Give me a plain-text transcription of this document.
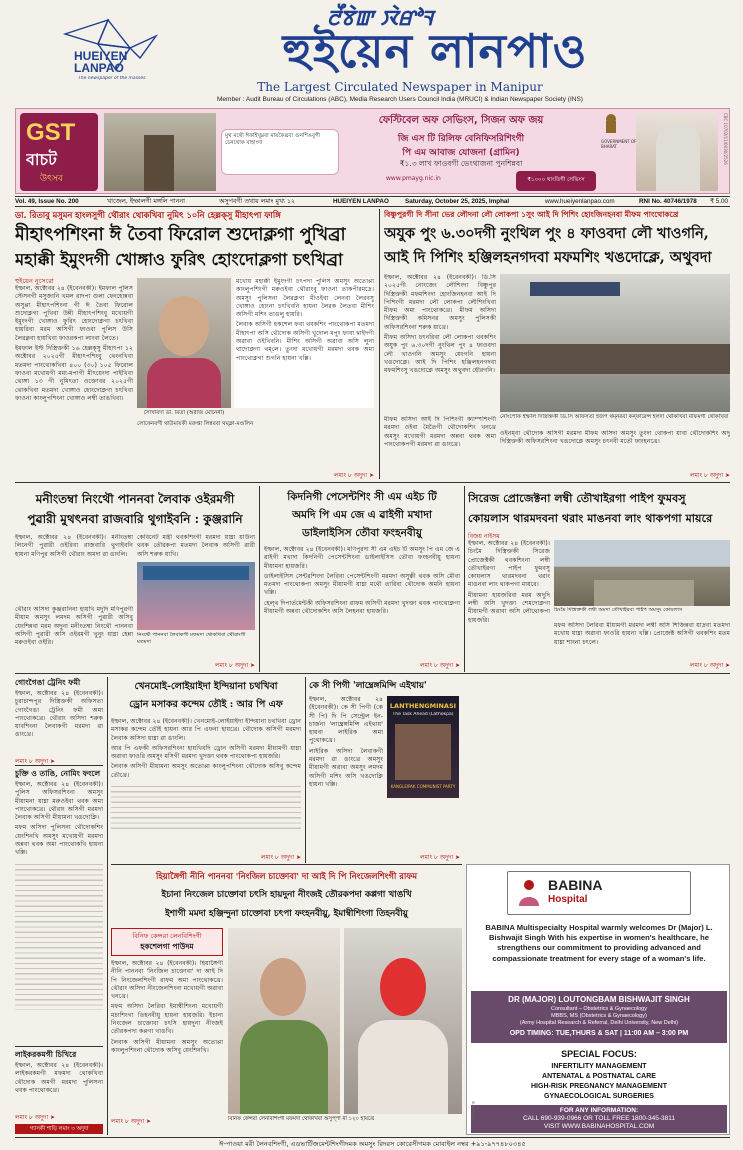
ꯂꯩꯕꯥꯛ ꯋꯥꯔꯣꯜ
HUEIYEN LANPAO
The newspaper of the masses
হুইয়েন লানপাও
The Largest Circulated Newspaper in Manipur
Member : Audit Bureau of Circulations (ABC), Media Research Users Council India (MRUCI) & Indian Newspaper Society (INS)
GST
বাচট
উৎসব
মুথ মথৌ ঈকাইখুম্নবা মায়কৈথ্রবা গুনশিঙবুগী চেনথোক বাহাংদা
ফেস্টিবেল অফ সেভিংস, সিজন অফ জয়
জি এস টি রিলিফ বেনিফিসরিশিংগী
পি এম আবাজ যোজনা (গ্রামিন)
₹১.৩ লাখ ফাওবগী ভেংথাজনা পুনশিন্নবা
₹১০০০ থাংতিগী সেভিংস
www.pmayg.nic.in
GOVERNMENT OF BHARAT	CBC 10702/11/0030/2526
Vol. 49, Issue No. 200	খাজেল, ইম্ফালগী মঙ্গলি পাননা	অসুপবগী তথায় লমাং মুখ্য ১২	HUEIYEN LANPAO	Saturday, October 25, 2025, Imphal	www.hueiyenlanpao.com	RNI No. 40746/1978	₹ 5.00
ডা. রিতাবু মসুমন হাংলসুগী থৌরাং থোকখিবা নুমিৎ ১০নি হেল্লক্‌সু মীহাৎপা ফাঙ্গি
মীহাৎপশিংনা ঈ তৈবা ফিরোল শুদোক্লগা পুখিব্রা
মহাক্কী ইমুংদগী খোঙ্গাও ফুরিৎ হোংদোক্লগা চৎখিব্রা
হুইয়েন নুসেরো

ইম্ফাল, অক্টোবর ২৪ (ইবেনবকী)। ইমফাল পুলিস স্টেসনগী মসুজানি খমল রাদপা গুলা ফেংহোন্নবা অসুপ্পা মীহাৎপশিংনা গী ঈ তৈবা ফিরোল শুদোক্লগা পুখিবা উন্নী মীহাৎপশিংবু মখোয়গী ইমুংদগী খোঙ্গাও ফুরিৎ হোংদোক্লগা চৎখিবা হায়রিবা মরম অসিগী ফাওবা পুলিস উসি লৈরক্নবা হায়খিবা ফাওরকপা লাংবা লৈতে।

ইমফাল ইস্ট দিস্ত্রিক্তকী ১৬ হেল্লক্‌সু মীহাৎপা ১২ অক্টোবর ২০২৫গী মীহাৎপশিংবু থেংনখিবা মতমদা পাংথোকখিবা ৪০০ (৩০) ১০৫ ফিরোল ফাওবা মখোয়গী মমা-মপাগী মীৎয়েংদা পাইখিবা থোঙ্গা ১৩ গী নুমিৎতা ওক্তোবর ২০২৫গী থোকখিবা মতমদা খোঙ্গাও হোংদোক্লগা চৎখিবা ফাওনা কাংলুপশিংনা খোঙ্গাও লম্বী তাঙখিবা।

সৈখিবিদা ডা. রিতা (অরীজ মোনেনী)

মখোয় মহাক্কী ইমুংদগী চৎপদা পুলিস অমসুং অতোপ্পা কাংলুপশিংগী মরুওইবা থৌরাংবু ফাওনা তাকপীরমদ্রে। অমসুং পুলিসনা লৈরক্লগা মীওইবা লেনবা লৈরবসু খোঙ্গাও হোংনা চৎখিবনি হায়না লৈরক লৈতবা মীশিং অসিগী মশিং তাঙলু হায়রি।

লৈবাক অসিগী হকশেল ফবা থবকশিং পাংথোকপা মতমদা মীহাৎপা অসি থৌদোক অসিগী খুদোল মপুং ফাবা খ্বাইদগী অৱাবা ওইখিবনি। মীশিং অসিগী অৱাবা অসি লুনা থাদোক্লগা থম্‌লে। তুংদা মখোয়গী মরমদা থবক অমা পাংথোক্লগা শুগনি হায়না খল্লি।

লোকেনবগী থাউমায়কী মরুপ্তা লিন্নরবা থম্‌ক্লা-মণ্ডলিন

লমাং ৮ অদুদা ➤
বিষ্ণুপুরগী দি সীনা ভের লৌদনা লৌ লোকপা ১সুং আই দি পিশিং হোংজিনহনবা মীফম পাংথোকখ্রে
অযুক পুং ৬.৩০দগী নুংথিল পুং ৪ ফাওবদা লৌ খাওগনি,
আই দি পিশিং হঞ্জিলহনগদবা মফমশিং খঙদোক্লে, অথুবদা

ইম্ফাল, অক্টোবর ২৪ (ইবেনবকী)। ডি.সি ২০২৫গী নোংজেং লৌশিংদা বিষ্ণুপুর দিস্ত্রিক্তকী মফমশিংদা হোংজিনহনবা আই দি পিশিংগী মরমদা লৌ লোকপা লৌশিংখিবা মীফম অমা পাংথোকখ্রে। মীফম অসিদা দিস্ত্রিক্তকী কমিসনর অমসুং পুলিসকী অফিসরশিংনা শরুক য়াখ্রে।

মীফম অসিদা চৎনরিবা লৌ লোকপা থবকশিং অযুক পুং ৬.৩০দগী নুংথিল পুং ৪ ফাওবদা লৌ খাওগনি অমসুং য়েংগনি হায়না খঙদোক্লে। আই দি পিশিং হঞ্জিলহনগদবা মফমশিংসু খঙদোক্লে অমসুং অথুবদা হৌরগনি।

নোংপোক ইম্ফাল দিস্ত্রিক্তকী ডি.সি অফিসতা হজপ থম্‌নরবা কন্ফারেন্স হলদা থোকখিবা মীফমগী থোকখিবা

মীফম অসিদা আই দি পিশিংগী ক্যাম্পশিংগী মরমদা ওইবা মৈতৈগী থৌদোকশিং খনখ্রে অমসুং মখোয়গী মরমদা অন্নবা থবক অমা পাংথোকপগী মরমদা ৱা ঙাংখ্রে।

ওইনম্‌বা থৌদোক অসিগী মরমদা মীফম অসিদা অমসুং তুংদা থোকপা য়াবা থৌদোকশিং অদু দিস্ত্রিক্তকী অফিসরশিংনা খঙদোক্লে অমসুং চৎনবী মতৌ ফাংহনখ্রে।

লমাং ৮ অদুদা ➤
মনীংতম্বা নিংথৌ পাননবা লৈবাক ওইরমগী
পুৱারী মুথৎনবা রাজবারি থুগাইবনি : কুঞ্জরানি

ইম্ফাল, অক্টোবর ২৪ (ইবেনবকী)। মনীংতম্বা লিনেগী পুৱারী ওইরিবা রাজবারি থুগাইবনি হায়না মণিপুর অসিগী থৌরাং অমদা ৱা ঙাংলি।

কেবিনেট মন্ত্রী থবকশিংগী মরমদা য়াম্না য়াউনা থবক তৌরকপা মতমদা লৈবাক অসিগী ৱারী অসি শরুক য়াখি।

নিংথৌ পাননবা লৈবাকগী মফমদা থোকখিবা থৌরাংগী মতমদা

থৌরাং অসিদা কুঞ্জরানিনা হায়খি মদুদি মণিপুরগী মীয়াম অমসুং লমদম অসিগী পুৱারী অসিবু যেংশিন্নবা মরম অদুনা মনীংতম্বা নিংথৌ পাননবা অসিগী পুৱারী অসি ওইরমগী খুনুং য়াম্না হেন্না মরুওইবা ওইরি।

লমাং ৮ অদুদা ➤
কিদনিগী পেসেন্টশিং সী এম এইচ টি
অমদি পি এম জে এ ৱাইগী মখাদা
ডাইলাইসিস তৌবা ফংহনবীয়ু

ইম্ফাল, অক্টোবর ২৪ (ইবেনবকী)। মণিপুরদা সী এম এইচ টি অমসুং পি এম জে এ ৱাইগী মখাদা কিদনিগী পেসেন্টশিংনা ডাইলাইসিস তৌবা ফংহনবীয়ু হায়না মীয়ামনা হায়জরি।

ডাইলাইসিস সেন্টরশিংদা লৈরিবা পেসেন্টশিংগী মরমদা অসুক্কী থবক অসি মৌবা মতমদা পাংথোকপা অমসুং মীয়ামগী য়াম্না মথৌ তারিবা থৌদোক অমনি হায়না খল্লি।

হেল্থ দিপার্তমেন্টকী অফিসরশিংনা ৱাফম অসিগী মরমদা খুদক্তা থবক পাংথোক্লগা মীয়ামগী অন্নবা থৌদোকশিং অসি লৈহনবা হায়জরি।

লমাং ৮ অদুদা ➤
সিরেজ প্রোজেক্টনা লম্বী তৌখাইরগা পাইপ ফুমবসু
কোয়লাস থারমদবনা থরাং মাঙনবা লাং থাকপগা মায়রে
বিজয় নাইসম

ইম্ফাল, অক্টোবর ২৪ (ইবেনবকী)। চিংমৈ দিস্ত্রিক্তকী সিরেজ প্রোজেক্টকী থবকশিংনা লম্বী তৌখাইরগা পাইপ ফুমবসু কোয়লাস থারমদবনা থরাং মাঙনবা লাং থাকপগা মায়রে।

মীয়ামনা হায়জরিবা মরম অদুদি লম্বী অসি খুদক্তা শেমদোক্লগা মীয়ামগী অৱাবা অসি লৌথোকপা হায়জরি।

চিংমৈ দিস্ত্রিক্তকী লম্বী অমদা তৌখাইরবা পাইপ অমসুং কোয়লাস

মফম অসিদা লৈরিবা মীয়ামগী মরমদা লম্বী অসি শিজিন্নবা য়াদ্রবা মতমদা মখোয় য়াম্না অৱাবা ফাওরি হায়না খল্লি। প্রোজেক্ট অসিগী থবকশিং মতম য়াম্না শাংনা চৎলে।

লমাং ৮ অদুদা ➤
গোংগৈঙা ট্রেনিং ফমী

ইম্ফাল, অক্টোবর ২৪ (ইবেনবকী)। চুরাচান্দপুর দিস্ত্রিক্তকী অফিসতা গোংগৈঙা ট্রেনিং ফমী অমা পাংথোকখ্রে। থৌরাং অসিদা শরুক য়াবশিংনা লৈবাকগী মরমদা ৱা ঙাংখ্রে।

লমাং ৮ অদুদা ➤
চুক্তি ও তাঙি, নোমিং ফংলে

ইম্ফাল, অক্টোবর ২৪ (ইবেনবকী)। পুলিস অফিসরশিংনা অমসুং মীয়ামনা য়াম্না মরুওইবা থবক অমা পাংথোকখ্রে। থৌরাং অসিগী মরমদা লৈবাক অসিগী মীয়ামনা খঙদোক্লি।

মফম অসিদা পুলিসনা থৌদোকশিং য়েংশিনখি অমসুং মখোয়গী মরমদা অন্নবা থবক অমা পাংথোকখি হায়না খল্লি।

লাইকরকমগী চিখিরে

ইম্ফাল, অক্টোবর ২৪ (ইবেনবকী)। লাইকরকমগী মফমদা থোকখিবা থৌদোক অমগী মরমদা পুলিসনা থবক পাংথোকখ্রে।

লমাং ৮ অদুদা ➤
গ্যাসকী শাড়ি লমাং ৩ অদুদা
খেনমোই-লোইয়াইদা ইন্দিয়ানা চথখিবা
ড্রোন মসাকর কন্দেম তৌই : আর পি এফ

ইম্ফাল, অক্টোবর ২৪ (ইবেনবকী)। খেনমোই-লোইয়াইদা ইন্দিয়ানা চথখিবা ড্রোন মসাকর কন্দেম তৌই হায়না আর পি এফনা হায়খ্রে। থৌদোক অসিগী মরমদা লৈবাক অসিদা য়াম্না ৱা ঙাংলি।

আর পি এফকী অফিসরশিংনা হায়খিবদি ড্রোন অসিগী মরমদা মীয়ামগী য়াম্না অৱাবা ফাওরি অমসুং মসিগী মরমদা খুদক্তা থবক পাংথোকপা হায়জরি।

লৈবাক অসিগী মীয়ামনা অমসুং অতোপ্পা কাংলুপশিংনা থৌদোক অসিবু কন্দেম তৌখ্রে।

লমাং ৮ অদুদা ➤
কে সী পিগী 'লাম্ব্রেঙ্গমিন্সি এইথায়'

ইম্ফাল, অক্টোবর ২৪ (ইবেনবকী)। কে সী পিগী (কে সী পি) দি পি সেন্ট্রেল ইন-চার্জনা 'লাম্ব্রেঙ্গমিন্সি এইথায়' হায়বা লাইরিক অমা পুথোকখ্রে।

লাইরিক অসিদা লৈবাকগী মরমদা ৱা ঙাংখ্রে অমসুং মীয়ামগী অৱাবা অমসুং লমদম অসিগী মশিং অসি খঙদোক্লি হায়না খল্লি।

LANTHENGMINASI
The Task Ahead (Lathokpa)
KANGLEIPAK COMMUNIST PARTY
লমাং ৮ অদুদা ➤
হিয়াঙ্গৈগী নীনি পাননবা 'নিংজিল চাক্তোবা' দা আই দি পি নিংজেলশিংগী রাফম
ইচানা নিংজেল চাক্তোবা চৎসি হায়দুনা নীংজই তৌরকপদা কপ্পগা খাঙখি
ইশাগী মমদা হঞ্জিন্দুনা চাক্তোবা চৎপা ফংহনবীয়ু, ইমাম্বীশিংগা তিহনবীয়ু
বিনিফ কেন্সরা লেনবিশিংগী
হকশেলগা পাউদম

ইম্ফাল, অক্টোবর ২৪ (ইবেনবকী)। হিয়াঙ্গৈগী নীনি পাননবা 'নিংজিল চাক্তোবা' দা আই দি পি নিংজেলশিংগী রাফম অমা পাংথোকখ্রে। থৌরাং অসিদা নীংজেলশিংনা মখোয়গী অৱাবা খনখ্রে।

মফম অসিদা লৈরিবা ইমাম্বীশিংনা মখোয়গী মচাশিংগা তিহনবীয়ু হায়না হায়জরি। ইচানা নিংজেল চাক্তোবা চৎসি হায়দুনা নীংজই তৌরকপদা কপ্পগা খাঙখি।

লৈবাক অসিগী মীয়ামনা অমসুং অতোপ্পা কাংলুপশিংনা থৌদোক অসিবু য়েংশিনখি।

বিনিফ কেন্সরা লেনবিশিংগী মফমদা থোকখিবা অসুপ্‌পা মী ১২০ হায়খ্রে
লমাং ৮ অদুদা ➤
BABINA
Hospital
BABINA Multispecialty Hospital warmly welcomes Dr (Major) L. Bishwajit Singh With his expertise in women's healthcare, he strengthens our commitment to providing advanced and compassionate treatment for every stage of a woman's life.
DR (MAJOR) LOUTONGBAM BISHWAJIT SINGH
Consultant – Obstetrics & Gynaecology
MBBS, MS (Obstetrics & Gynaecology)
(Army Hospital Research & Referral, Delhi University, New Delhi)
OPD TIMING: TUE,THURS & SAT | 11:00 AM – 3:00 PM
SPECIAL FOCUS:
INFERTILITY MANAGEMENT
ANTENATAL & POSTNATAL CARE
HIGH-RISK PREGNANCY MANAGEMENT
GYNAECOLOGICAL SURGERIES
FOR ANY INFORMATION:
CALL 690-939-0966 OR TOLL FREE 1800-345-3811
VISIT WWW.BABINAHOSPITAL.COM
IE-6094/25
ঈ-পাওয়া মরী লৈনবশিংগী, এডভার্টিজমেন্টশিংগীদমক অমসুং রিদরস কোরেসীগমক মোবাইল নম্বর +৯১-৯৭৭৪৮০৩৪৫
